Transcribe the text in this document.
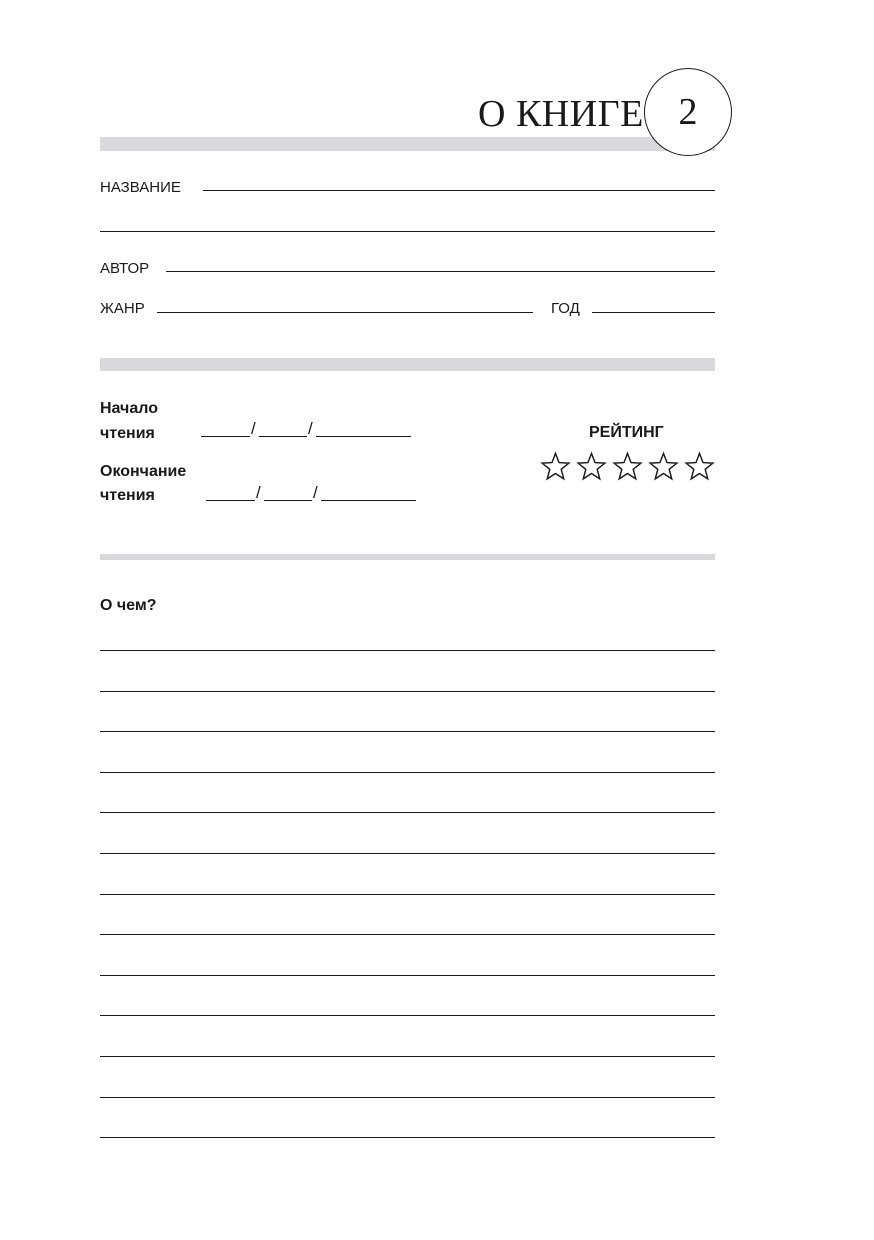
О КНИГЕ 2
НАЗВАНИЕ
АВТОР
ЖАНР	ГОД
Начало
чтения	/	/
Окончание
чтения	/	/
РЕЙТИНГ
О чем?
